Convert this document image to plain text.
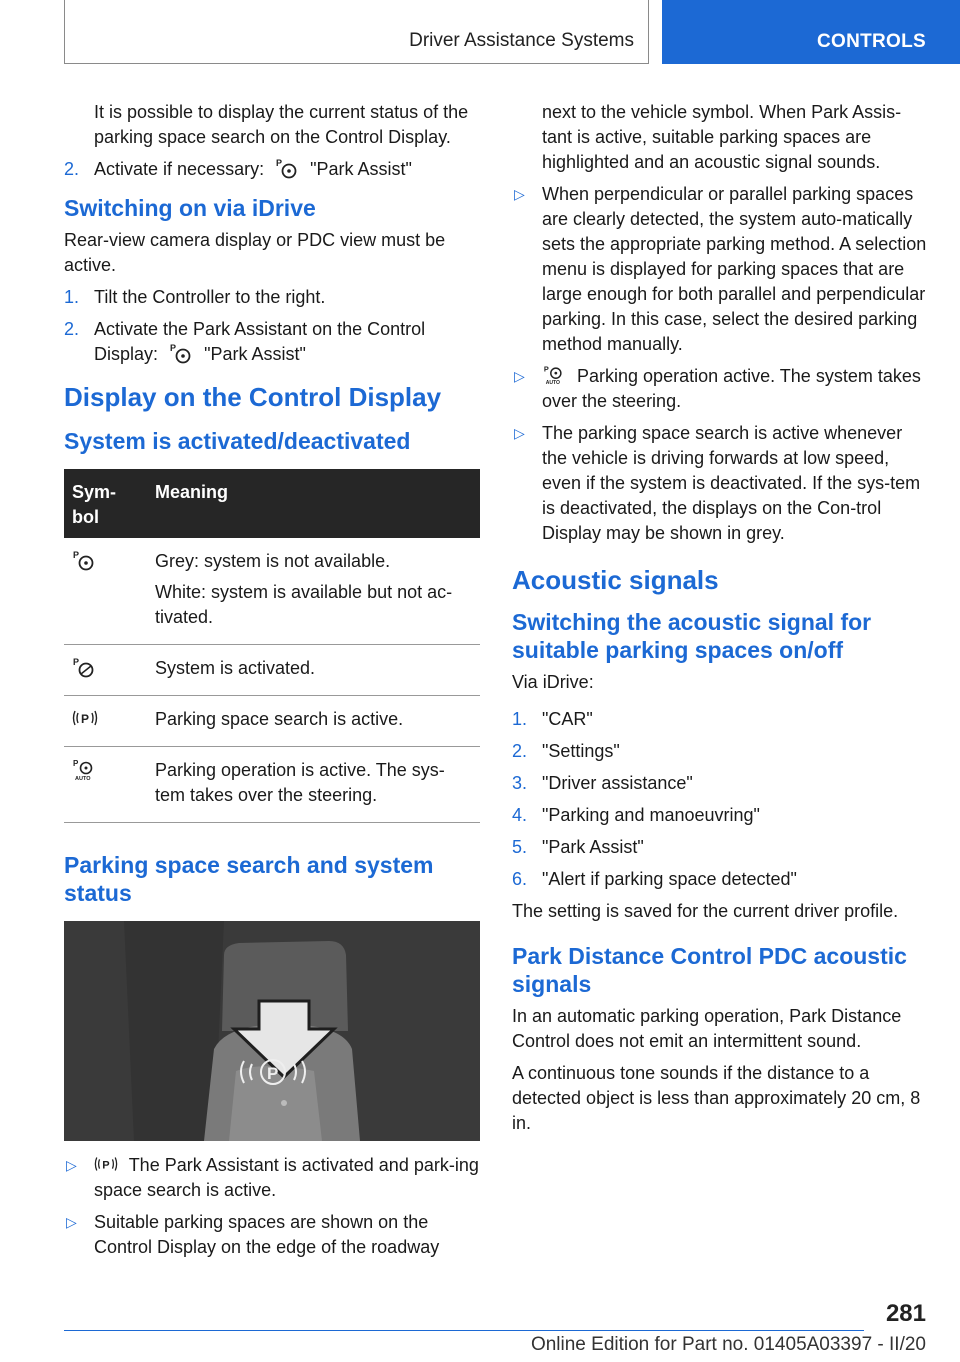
Driver Assistance Systems	CONTROLS

It is possible to display the current status of the parking space search on the Control Display.

2. Activate if necessary: P "Park Assist"
Switching on via iDrive

Rear-view camera display or PDC view must be active.

1. Tilt the Controller to the right.
2. Activate the Park Assistant on the Control Display: P "Park Assist"
Display on the Control Display
System is activated/deactivated
Sym-bol	Meaning

P	Grey: system is not available.

White: system is available but not ac-tivated.

P	System is activated.

P	Parking space search is active.

P
AUTO	Parking operation is active. The sys-tem takes over the steering.

Parking space search and system status
P
▷ P The Park Assistant is activated and park-ing space search is active.
▷ Suitable parking spaces are shown on the Control Display on the edge of the roadway

next to the vehicle symbol. When Park Assis-tant is active, suitable parking spaces are highlighted and an acoustic signal sounds.

▷ When perpendicular or parallel parking spaces are clearly detected, the system auto-matically sets the appropriate parking method. A selection menu is displayed for parking spaces that are large enough for both parallel and perpendicular parking. In this case, select the desired parking method manually.
▷ P
AUTO Parking operation active. The system takes over the steering.
▷ The parking space search is active whenever the vehicle is driving forwards at low speed, even if the system is deactivated. If the sys-tem is deactivated, the displays on the Con-trol Display may be shown in grey.
Acoustic signals
Switching the acoustic signal for suitable parking spaces on/off

Via iDrive:

1. "CAR"
2. "Settings"
3. "Driver assistance"
4. "Parking and manoeuvring"
5. "Park Assist"
6. "Alert if parking space detected"

The setting is saved for the current driver profile.

Park Distance Control PDC acoustic signals

In an automatic parking operation, Park Distance Control does not emit an intermittent sound.

A continuous tone sounds if the distance to a detected object is less than approximately 20 cm, 8 in.

281
Online Edition for Part no. 01405A03397 - II/20
